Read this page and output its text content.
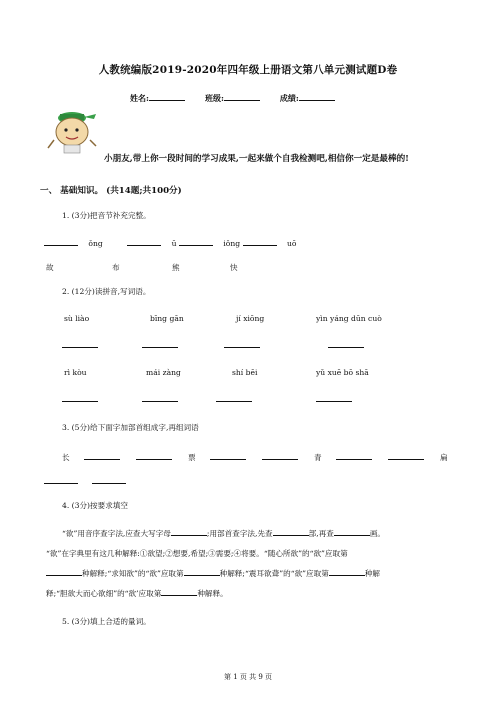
人教统编版2019-2020年四年级上册语文第八单元测试题D卷
姓名:	班级:	成绩:
小朋友,带上你一段时间的学习成果,一起来做个自我检测吧,相信你一定是最棒的!
一、 基础知识。 (共14题;共100分)
1. (3分)把音节补充完整。
ǒng	ū	iǒng	uō
故	布	熊	快
2. (12分)读拼音,写词语。
sù liào	bīng gān	jí xiōng	yìn yáng dūn cuò
rì kòu	mái zàng	shí bēi	yǔ xuē bō shā
3. (5分)给下面字加部首组成字,再组词语
长	票	青	扁
4. (3分)按要求填空
“欲”用音序查字法,应查大写字母	;用部首查字法,先查	部,再查	画。
“欲”在字典里有这几种解释:①欲望;②想要,希望;③需要;④将要。“随心所欲”的“欲”应取第
种解释;“求知欲”的“欲”应取第	种解释;“震耳欲聋”的“欲”应取第	种解
释;“胆欲大而心欲细”的“欲’应取第	种解释。
5. (3分)填上合适的量词。
第 1 页 共 9 页
